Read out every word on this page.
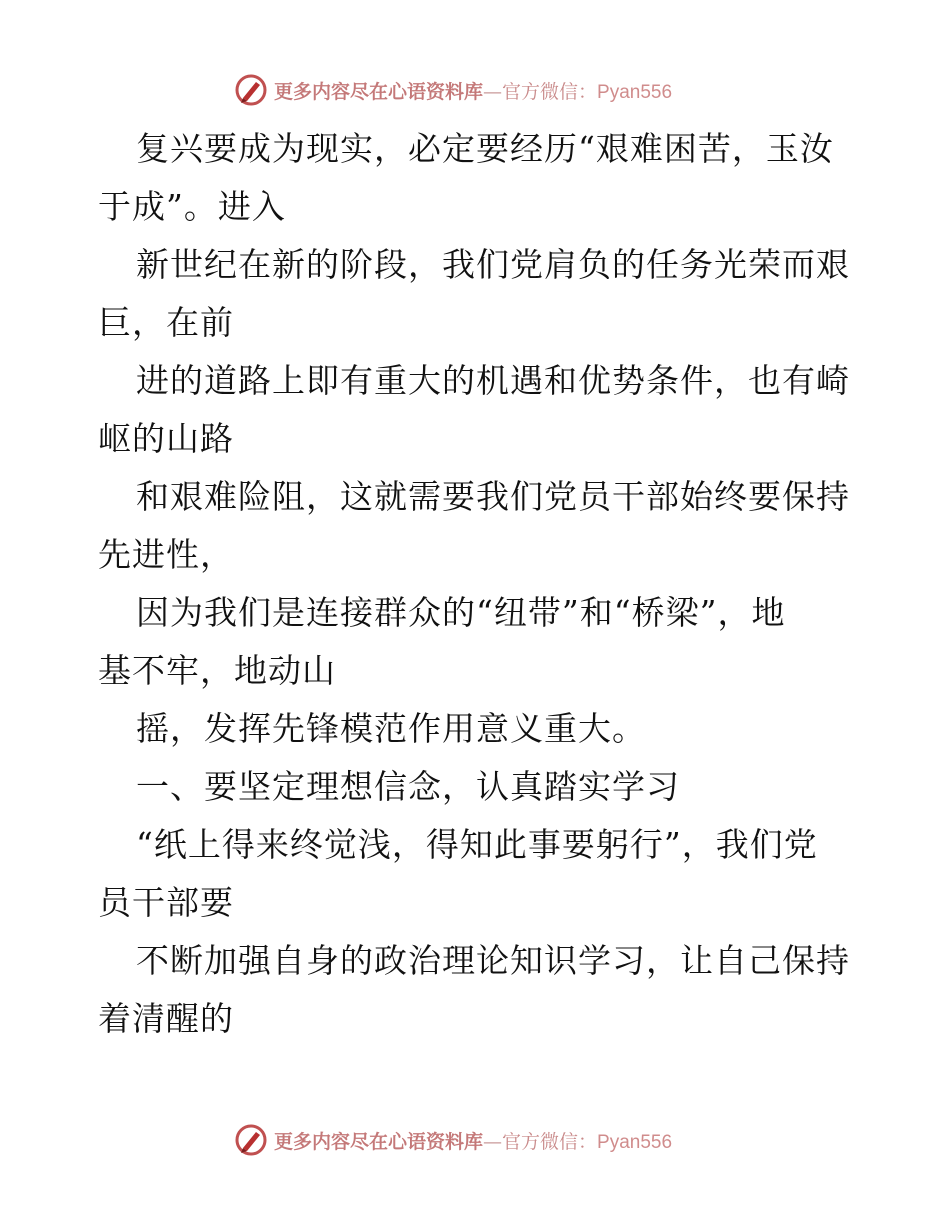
更多内容尽在心语资料库—官方微信：Pyan556
复兴要成为现实，必定要经历“艰难困苦，玉汝
于成”。进入
新世纪在新的阶段，我们党肩负的任务光荣而艰
巨，在前
进的道路上即有重大的机遇和优势条件，也有崎
岖的山路
和艰难险阻，这就需要我们党员干部始终要保持
先进性，
因为我们是连接群众的“纽带”和“桥梁”，地
基不牢，地动山
摇，发挥先锋模范作用意义重大。
一、要坚定理想信念，认真踏实学习
“纸上得来终觉浅，得知此事要躬行”，我们党
员干部要
不断加强自身的政治理论知识学习，让自己保持
着清醒的
更多内容尽在心语资料库—官方微信：Pyan556
